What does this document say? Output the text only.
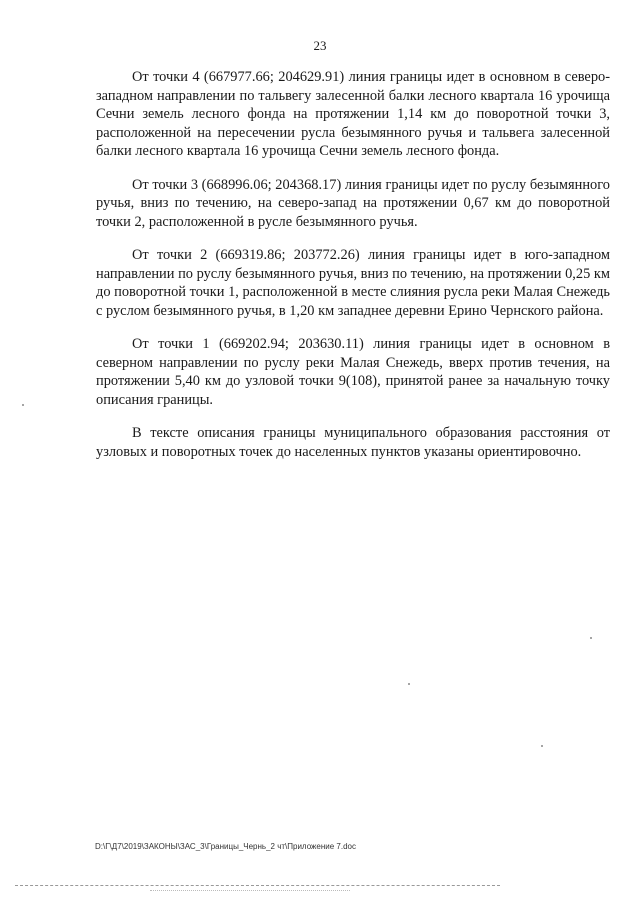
23

От точки 4 (667977.66; 204629.91) линия границы идет в основном в северо-западном направлении по тальвегу залесенной балки лесного квартала 16 урочища Сечни земель лесного фонда на протяжении 1,14 км до поворотной точки 3, расположенной на пересечении русла безымянного ручья и тальвега залесенной балки лесного квартала 16 урочища Сечни земель лесного фонда.

От точки 3 (668996.06; 204368.17) линия границы идет по руслу безымянного ручья, вниз по течению, на северо-запад на протяжении 0,67 км до поворотной точки 2, расположенной в русле безымянного ручья.

От точки 2 (669319.86; 203772.26) линия границы идет в юго-западном направлении по руслу безымянного ручья, вниз по течению, на протяжении 0,25 км до поворотной точки 1, расположенной в месте слияния русла реки Малая Снежедь с руслом безымянного ручья, в 1,20 км западнее деревни Ерино Чернского района.

От точки 1 (669202.94; 203630.11) линия границы идет в основном в северном направлении по руслу реки Малая Снежедь, вверх против течения, на протяжении 5,40 км до узловой точки 9(108), принятой ранее за начальную точку описания границы.

В тексте описания границы муниципального образования расстояния от узловых и поворотных точек до населенных пунктов указаны ориентировочно.

D:\Г\Д7\2019\ЗАКОНЫ\ЗАС_3\Границы_Чернь_2 чт\Приложение 7.doc
